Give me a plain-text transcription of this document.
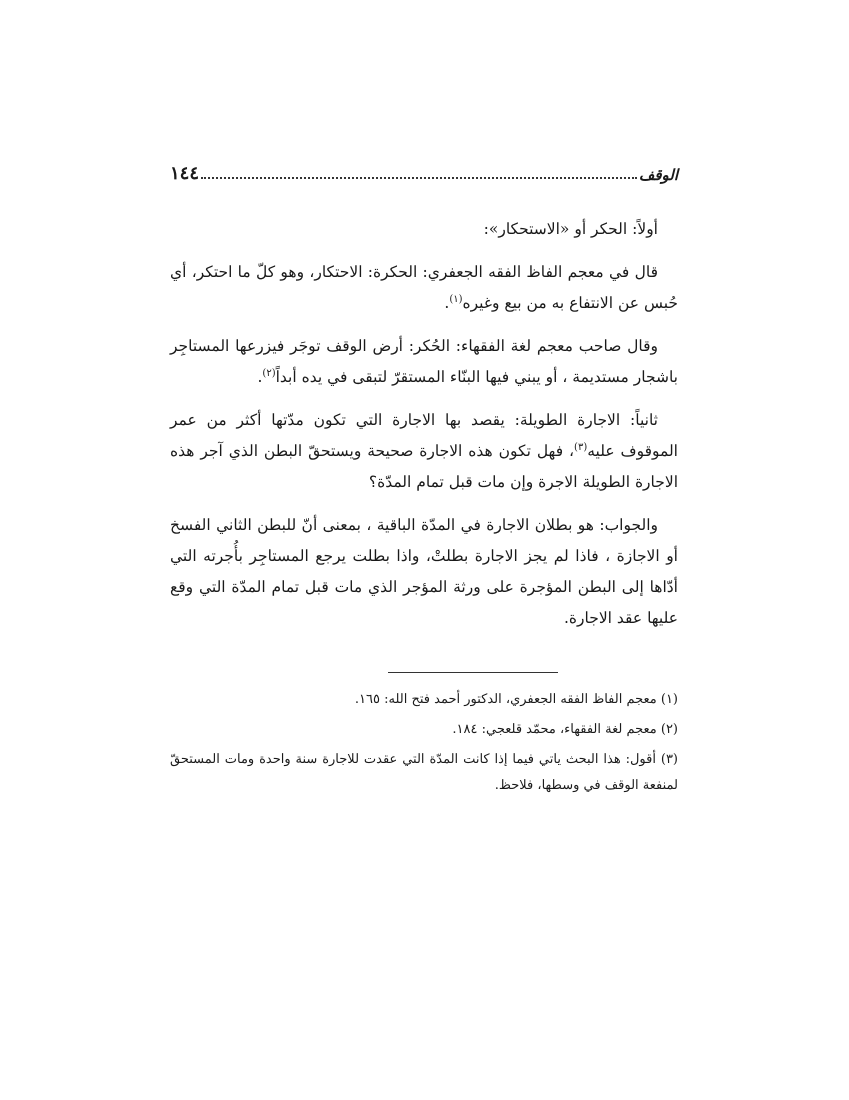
الوقف
١٤٤

أولاً: الحكر أو «الاستحكار»:

قال في معجم الفاظ الفقه الجعفري: الحكرة: الاحتكار، وهو كلّ ما احتكر، أي حُبس عن الانتفاع به من بيع وغيره$^{(١)}$.

وقال صاحب معجم لغة الفقهاء: الحُكر: أرض الوقف توجَر فيزرعها المستاجِر باشجار مستديمة ، أو يبني فيها البنّاء المستقرّ لتبقى في يده أبداً$^{(٢)}$.

ثانياً: الاجارة الطويلة: يقصد بها الاجارة التي تكون مدّتها أكثر من عمر الموقوف عليه$^{(٣)}$، فهل تكون هذه الاجارة صحيحة ويستحقّ البطن الذي آجر هذه الاجارة الطويلة الاجرة وإن مات قبل تمام المدّة؟

والجواب: هو بطلان الاجارة في المدّة الباقية ، بمعنى أنّ للبطن الثاني الفسخ أو الاجازة ، فاذا لم يجز الاجارة بطلتْ، واذا بطلت يرجع المستاجِر بأُجرته التي أدّاها إلى البطن المؤجرة على ورثة المؤجر الذي مات قبل تمام المدّة التي وقع عليها عقد الاجارة.

(١) معجم الفاظ الفقه الجعفري، الدكتور أحمد فتح الله: ١٦٥.

(٢) معجم لغة الفقهاء، محمّد قلعجي: ١٨٤.

(٣) أقول: هذا البحث ياتي فيما إذا كانت المدّة التي عقدت للاجارة سنة واحدة ومات المستحقّ لمنفعة الوقف في وسطها، فلاحظ.
